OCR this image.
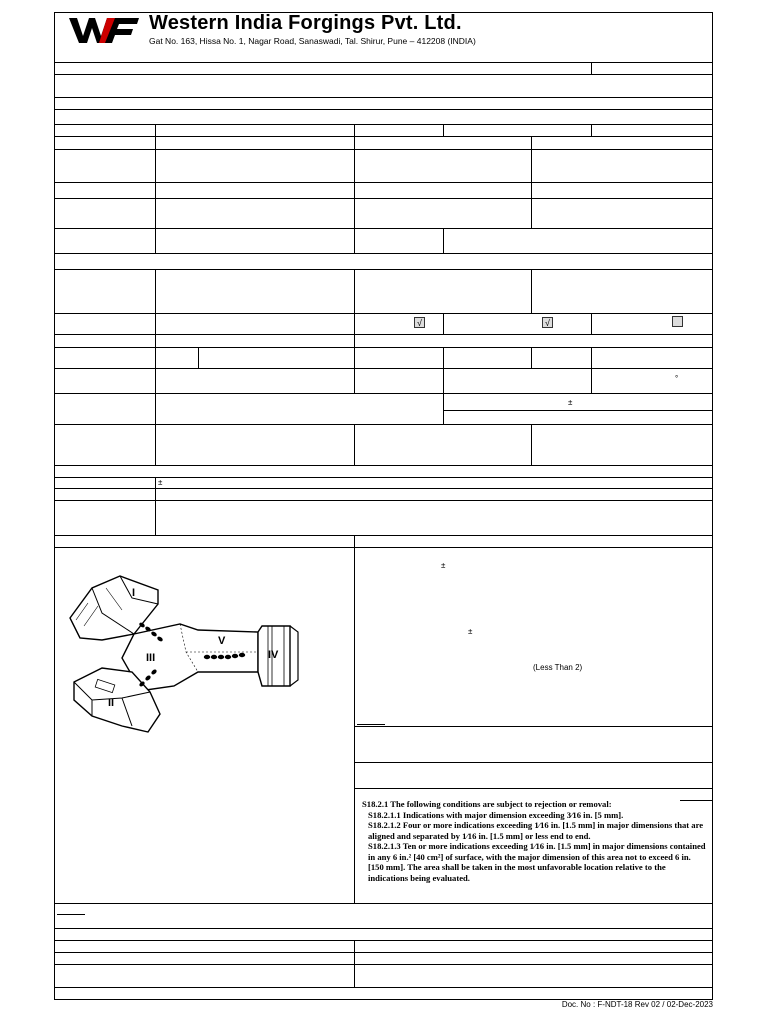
Western India Forgings Pvt. Ltd.
Gat No. 163, Hissa No. 1, Nagar Road, Sanaswadi, Tal. Shirur, Pune – 412208 (INDIA)
√	√
°
±
±
±
±
I
II
III	IV
V
(Less Than 2)

S18.2.1 The following conditions are subject to rejection or removal:

S18.2.1.1 Indications with major dimension exceeding 3⁄16 in. [5 mm].

S18.2.1.2 Four or more indications exceeding 1⁄16 in. [1.5 mm] in major dimensions that are aligned and separated by 1⁄16 in. [1.5 mm] or less end to end.

S18.2.1.3 Ten or more indications exceeding 1⁄16 in. [1.5 mm] in major dimensions contained in any 6 in.² [40 cm²] of surface, with the major dimension of this area not to exceed 6 in. [150 mm]. The area shall be taken in the most unfavorable location relative to the indications being evaluated.

Doc. No : F-NDT-18 Rev 02 / 02-Dec-2023
